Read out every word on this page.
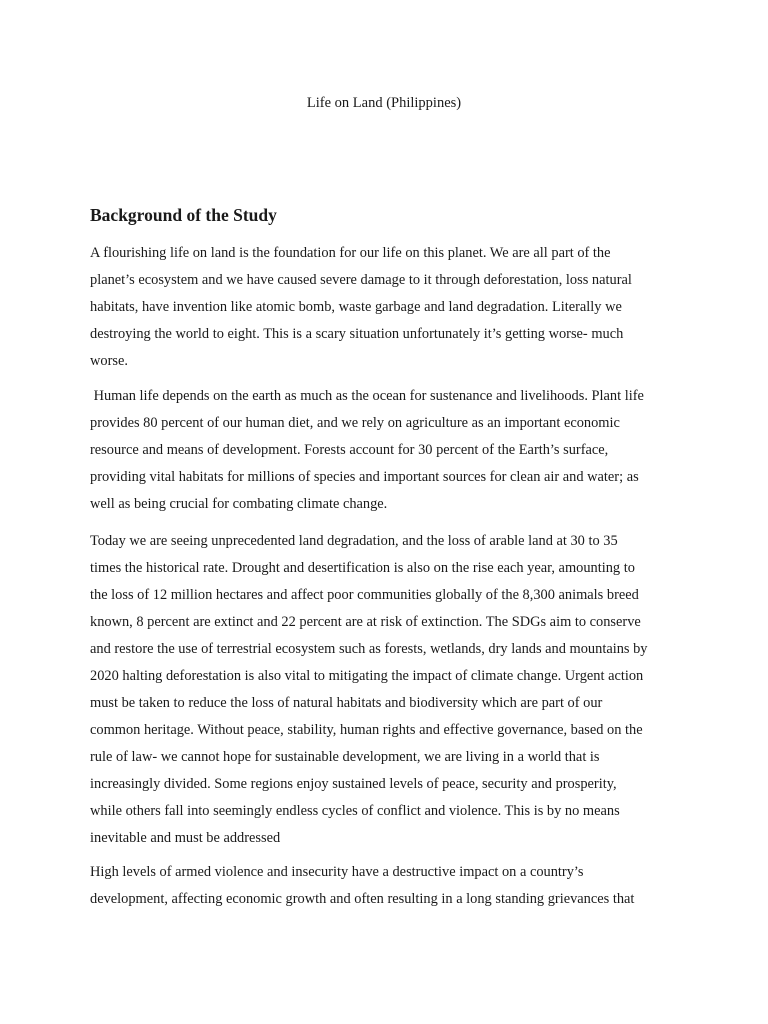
Life on Land (Philippines)
Background of the Study

A flourishing life on land is the foundation for our life on this planet. We are all part of the
planet’s ecosystem and we have caused severe damage to it through deforestation, loss natural
habitats, have invention like atomic bomb, waste garbage and land degradation. Literally we
destroying the world to eight. This is a scary situation unfortunately it’s getting worse- much
worse.

Human life depends on the earth as much as the ocean for sustenance and livelihoods. Plant life
provides 80 percent of our human diet, and we rely on agriculture as an important economic
resource and means of development. Forests account for 30 percent of the Earth’s surface,
providing vital habitats for millions of species and important sources for clean air and water; as
well as being crucial for combating climate change.

Today we are seeing unprecedented land degradation, and the loss of arable land at 30 to 35
times the historical rate. Drought and desertification is also on the rise each year, amounting to
the loss of 12 million hectares and affect poor communities globally of the 8,300 animals breed
known, 8 percent are extinct and 22 percent are at risk of extinction. The SDGs aim to conserve
and restore the use of terrestrial ecosystem such as forests, wetlands, dry lands and mountains by
2020 halting deforestation is also vital to mitigating the impact of climate change. Urgent action
must be taken to reduce the loss of natural habitats and biodiversity which are part of our
common heritage. Without peace, stability, human rights and effective governance, based on the
rule of law- we cannot hope for sustainable development, we are living in a world that is
increasingly divided. Some regions enjoy sustained levels of peace, security and prosperity,
while others fall into seemingly endless cycles of conflict and violence. This is by no means
inevitable and must be addressed

High levels of armed violence and insecurity have a destructive impact on a country’s
development, affecting economic growth and often resulting in a long standing grievances that
